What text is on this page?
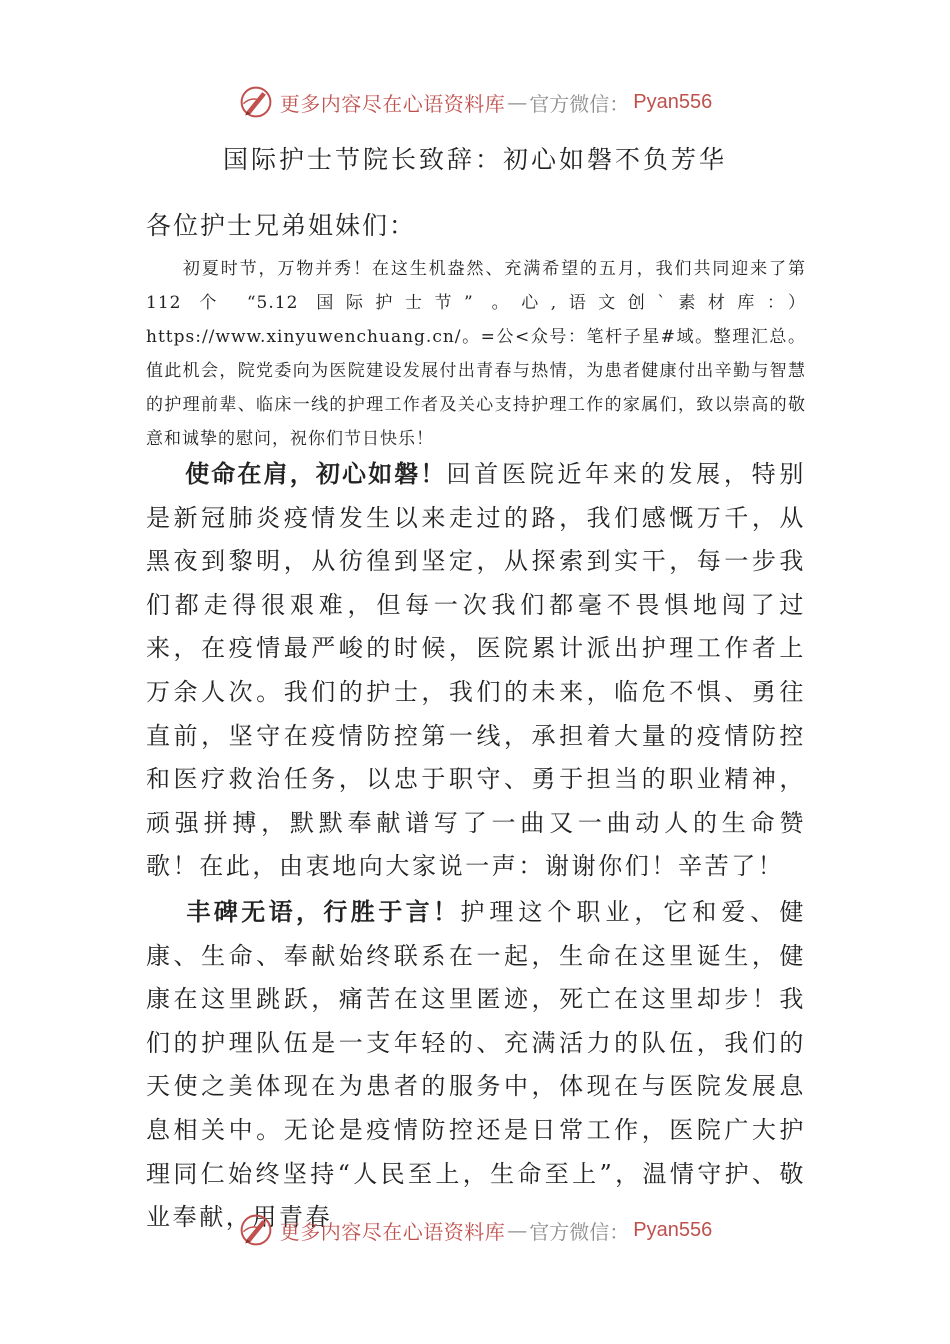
更多内容尽在心语资料库 — 官方微信： Pyan556
国际护士节院长致辞：初心如磐不负芳华
各位护士兄弟姐妹们：
初夏时节，万物并秀！在这生机盎然、充满希望的五月，我们共同迎来了第 112 个 “5.12 国际护士节” 。心,语文创`素材库：）https://www.xinyuwenchuang.cn/。=公<众号：笔杆子星#域。整理汇总。值此机会，院党委向为医院建设发展付出青春与热情，为患者健康付出辛勤与智慧的护理前辈、临床一线的护理工作者及关心支持护理工作的家属们，致以崇高的敬意和诚挚的慰问，祝你们节日快乐！
使命在肩，初心如磐！回首医院近年来的发展，特别是新冠肺炎疫情发生以来走过的路，我们感慨万千，从黑夜到黎明，从彷徨到坚定，从探索到实干，每一步我们都走得很艰难，但每一次我们都毫不畏惧地闯了过来，在疫情最严峻的时候，医院累计派出护理工作者上万余人次。我们的护士，我们的未来，临危不惧、勇往直前，坚守在疫情防控第一线，承担着大量的疫情防控和医疗救治任务，以忠于职守、勇于担当的职业精神，顽强拼搏，默默奉献谱写了一曲又一曲动人的生命赞歌！在此，由衷地向大家说一声：谢谢你们！辛苦了！
丰碑无语，行胜于言！护理这个职业，它和爱、健康、生命、奉献始终联系在一起，生命在这里诞生，健康在这里跳跃，痛苦在这里匿迹，死亡在这里却步！我们的护理队伍是一支年轻的、充满活力的队伍，我们的天使之美体现在为患者的服务中，体现在与医院发展息息相关中。无论是疫情防控还是日常工作，医院广大护理同仁始终坚持“人民至上，生命至上”，温情守护、敬业奉献，用青春
更多内容尽在心语资料库 — 官方微信： Pyan556
